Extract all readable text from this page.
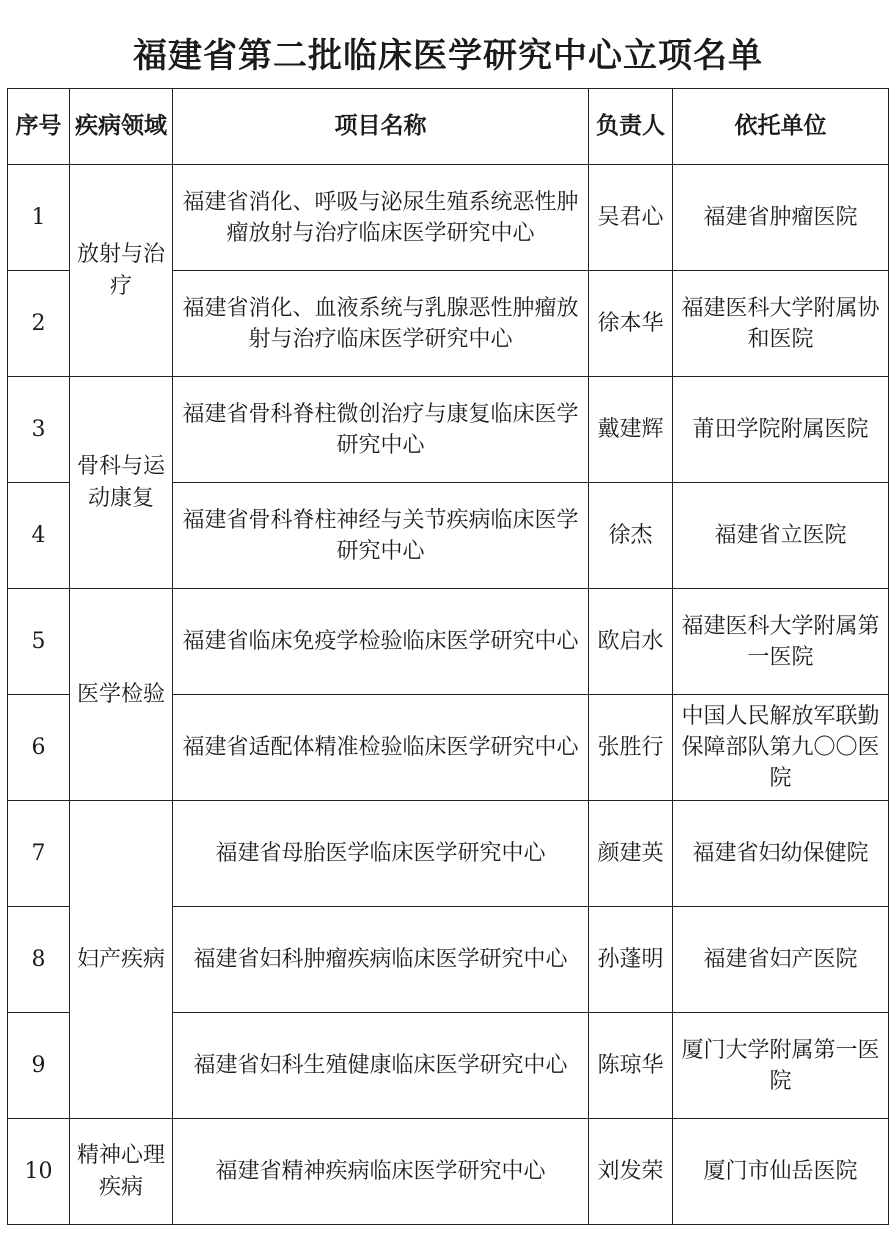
福建省第二批临床医学研究中心立项名单
序号	疾病领域	项目名称	负责人	依托单位
1	放射与治疗	福建省消化、呼吸与泌尿生殖系统恶性肿瘤放射与治疗临床医学研究中心	吴君心	福建省肿瘤医院
2		福建省消化、血液系统与乳腺恶性肿瘤放射与治疗临床医学研究中心	徐本华	福建医科大学附属协和医院
3	骨科与运动康复	福建省骨科脊柱微创治疗与康复临床医学研究中心	戴建辉	莆田学院附属医院
4		福建省骨科脊柱神经与关节疾病临床医学研究中心	徐杰	福建省立医院
5	医学检验	福建省临床免疫学检验临床医学研究中心	欧启水	福建医科大学附属第一医院
6		福建省适配体精准检验临床医学研究中心	张胜行	中国人民解放军联勤保障部队第九〇〇医院
7	妇产疾病	福建省母胎医学临床医学研究中心	颜建英	福建省妇幼保健院
8		福建省妇科肿瘤疾病临床医学研究中心	孙蓬明	福建省妇产医院
9		福建省妇科生殖健康临床医学研究中心	陈琼华	厦门大学附属第一医院
10	精神心理疾病	福建省精神疾病临床医学研究中心	刘发荣	厦门市仙岳医院
